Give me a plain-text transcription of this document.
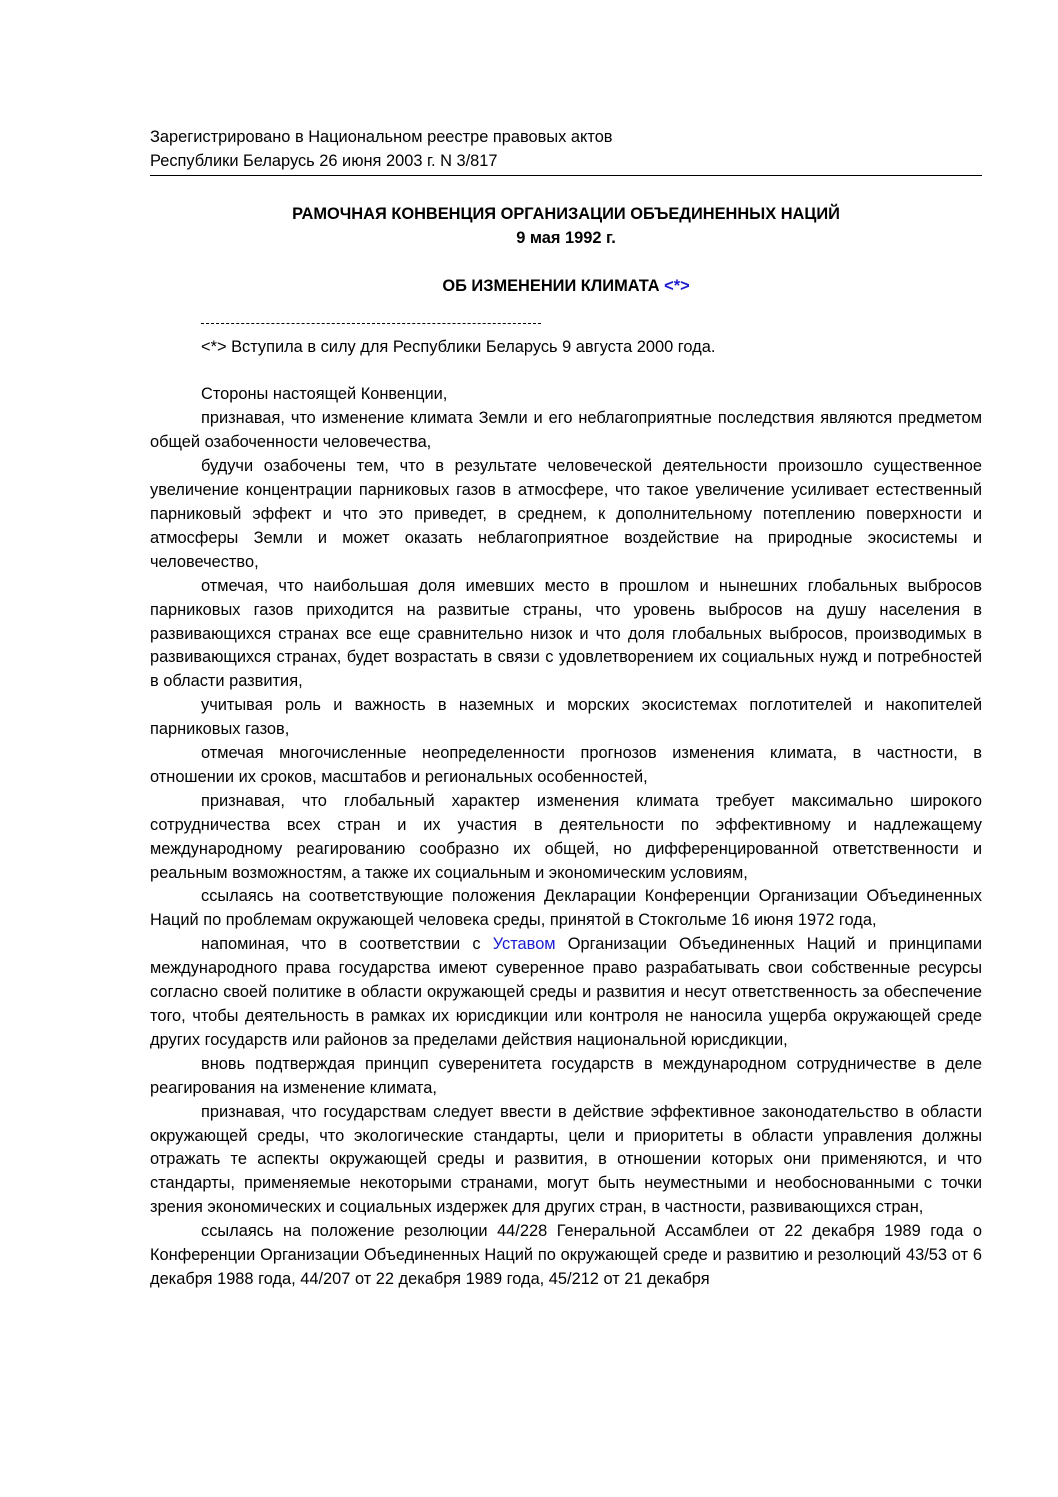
Зарегистрировано в Национальном реестре правовых актов
Республики Беларусь 26 июня 2003 г. N 3/817
РАМОЧНАЯ КОНВЕНЦИЯ ОРГАНИЗАЦИИ ОБЪЕДИНЕННЫХ НАЦИЙ
9 мая 1992 г.
ОБ ИЗМЕНЕНИИ КЛИМАТА <*>
<*> Вступила в силу для Республики Беларусь 9 августа 2000 года.
Стороны настоящей Конвенции,

признавая, что изменение климата Земли и его неблагоприятные последствия являются предметом общей озабоченности человечества,

будучи озабочены тем, что в результате человеческой деятельности произошло существенное увеличение концентрации парниковых газов в атмосфере, что такое увеличение усиливает естественный парниковый эффект и что это приведет, в среднем, к дополнительному потеплению поверхности и атмосферы Земли и может оказать неблагоприятное воздействие на природные экосистемы и человечество,

отмечая, что наибольшая доля имевших место в прошлом и нынешних глобальных выбросов парниковых газов приходится на развитые страны, что уровень выбросов на душу населения в развивающихся странах все еще сравнительно низок и что доля глобальных выбросов, производимых в развивающихся странах, будет возрастать в связи с удовлетворением их социальных нужд и потребностей в области развития,

учитывая роль и важность в наземных и морских экосистемах поглотителей и накопителей парниковых газов,

отмечая многочисленные неопределенности прогнозов изменения климата, в частности, в отношении их сроков, масштабов и региональных особенностей,

признавая, что глобальный характер изменения климата требует максимально широкого сотрудничества всех стран и их участия в деятельности по эффективному и надлежащему международному реагированию сообразно их общей, но дифференцированной ответственности и реальным возможностям, а также их социальным и экономическим условиям,

ссылаясь на соответствующие положения Декларации Конференции Организации Объединенных Наций по проблемам окружающей человека среды, принятой в Стокгольме 16 июня 1972 года,

напоминая, что в соответствии с Уставом Организации Объединенных Наций и принципами международного права государства имеют суверенное право разрабатывать свои собственные ресурсы согласно своей политике в области окружающей среды и развития и несут ответственность за обеспечение того, чтобы деятельность в рамках их юрисдикции или контроля не наносила ущерба окружающей среде других государств или районов за пределами действия национальной юрисдикции,

вновь подтверждая принцип суверенитета государств в международном сотрудничестве в деле реагирования на изменение климата,

признавая, что государствам следует ввести в действие эффективное законодательство в области окружающей среды, что экологические стандарты, цели и приоритеты в области управления должны отражать те аспекты окружающей среды и развития, в отношении которых они применяются, и что стандарты, применяемые некоторыми странами, могут быть неуместными и необоснованными с точки зрения экономических и социальных издержек для других стран, в частности, развивающихся стран,

ссылаясь на положение резолюции 44/228 Генеральной Ассамблеи от 22 декабря 1989 года о Конференции Организации Объединенных Наций по окружающей среде и развитию и резолюций 43/53 от 6 декабря 1988 года, 44/207 от 22 декабря 1989 года, 45/212 от 21 декабря
